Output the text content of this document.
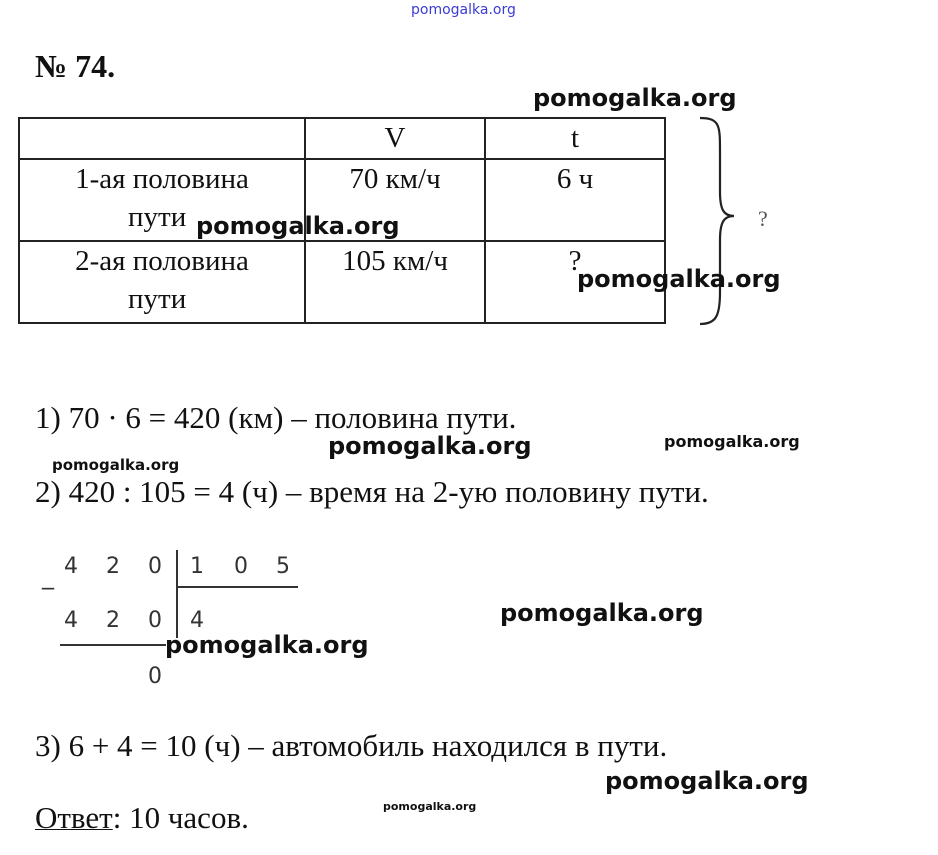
pomogalka.org
pomogalka.org
№ 74.
	V	t

1-ая половина
пути	70 км/ч	6 ч

2-ая половина
пути	105 км/ч	?
?
pomogalka.org
pomogalka.org
1) 70 · 6 = 420 (км) – половина пути.
pomogalka.org	pomogalka.org
pomogalka.org
2) 420 : 105 = 4 (ч) – время на 2-ую половину пути.
_ 4 2 0 1 0 5
4 2 0 4
0
pomogalka.org
pomogalka.org
3) 6 + 4 = 10 (ч) – автомобиль находился в пути.
pomogalka.org
pomogalka.org
Ответ: 10 часов.
